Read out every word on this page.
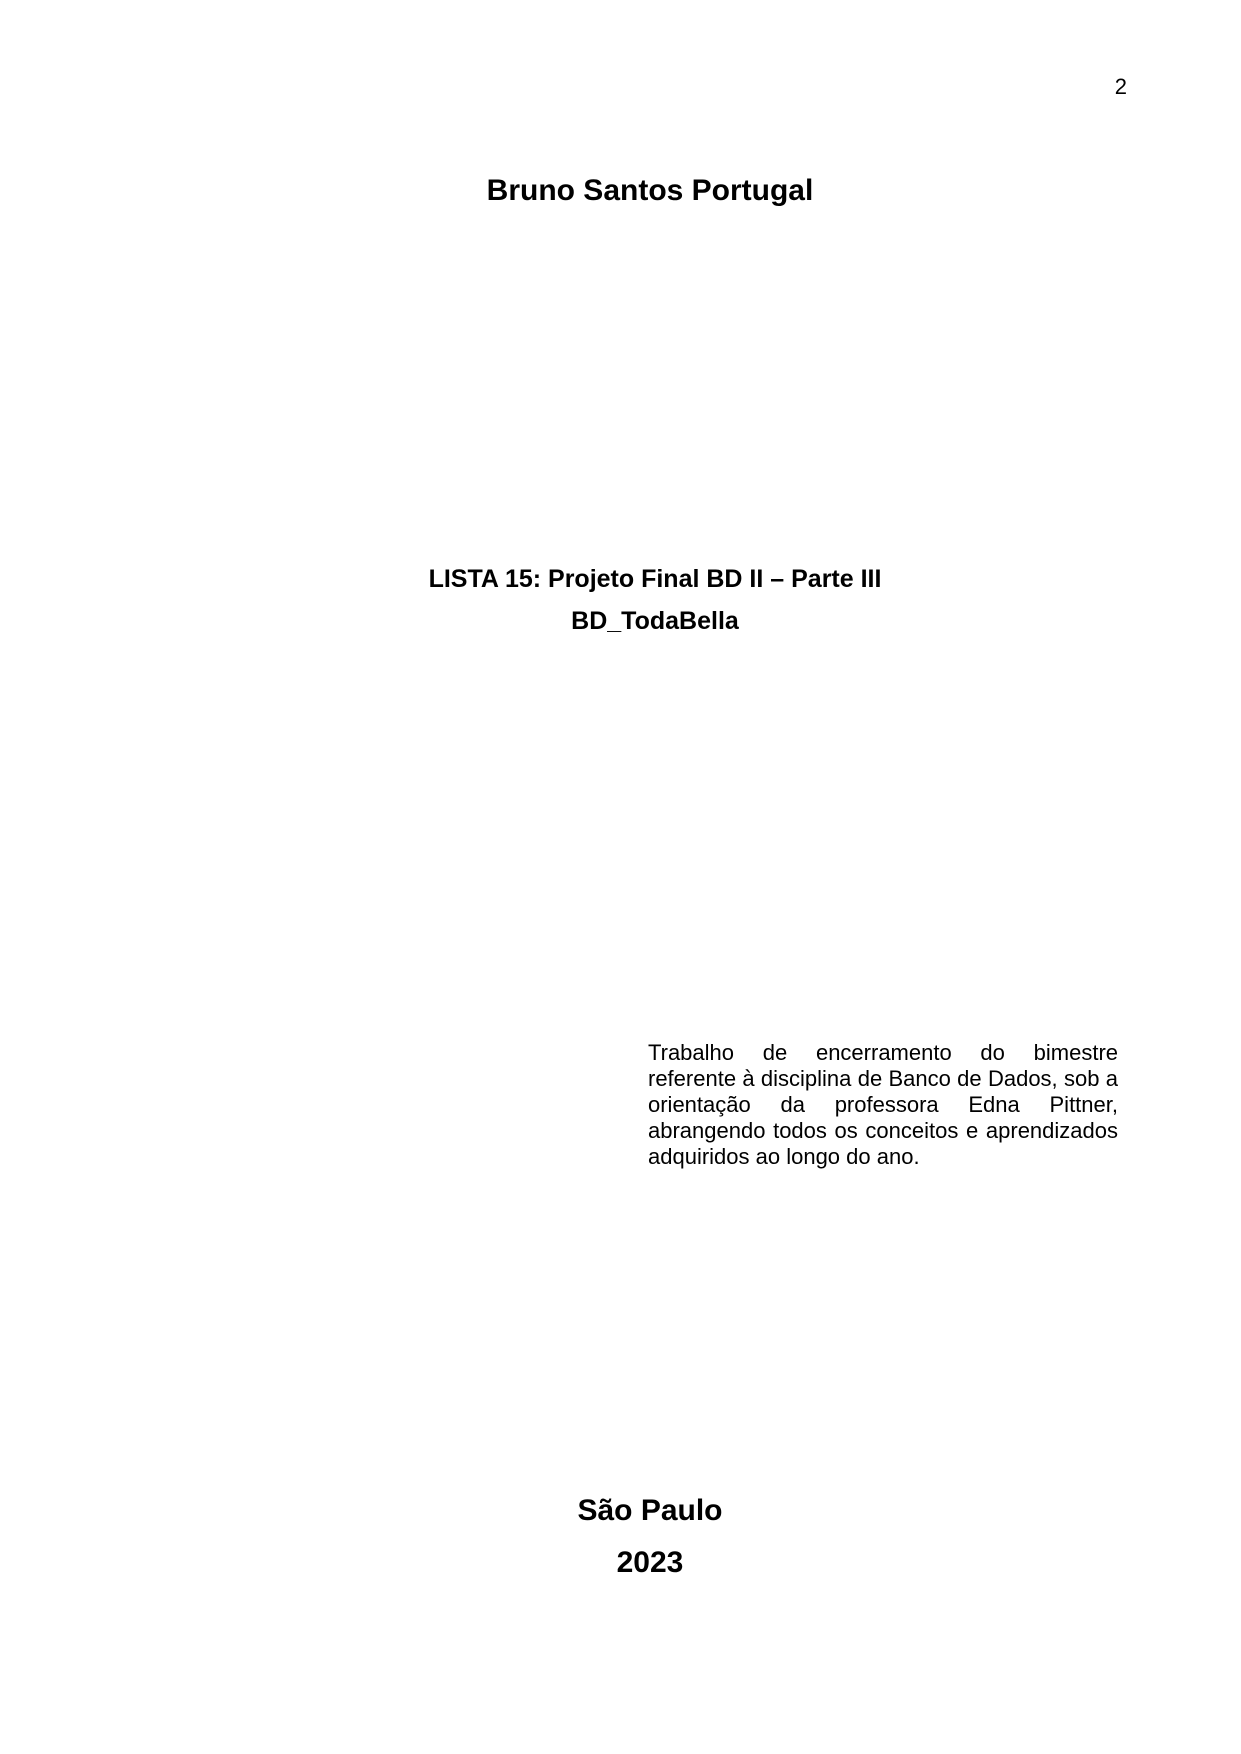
2
Bruno Santos Portugal
LISTA 15: Projeto Final BD II – Parte III
BD_TodaBella
Trabalho de encerramento do bimestre referente à disciplina de Banco de Dados, sob a orientação da professora Edna Pittner, abrangendo todos os conceitos e aprendizados adquiridos ao longo do ano.
São Paulo
2023
